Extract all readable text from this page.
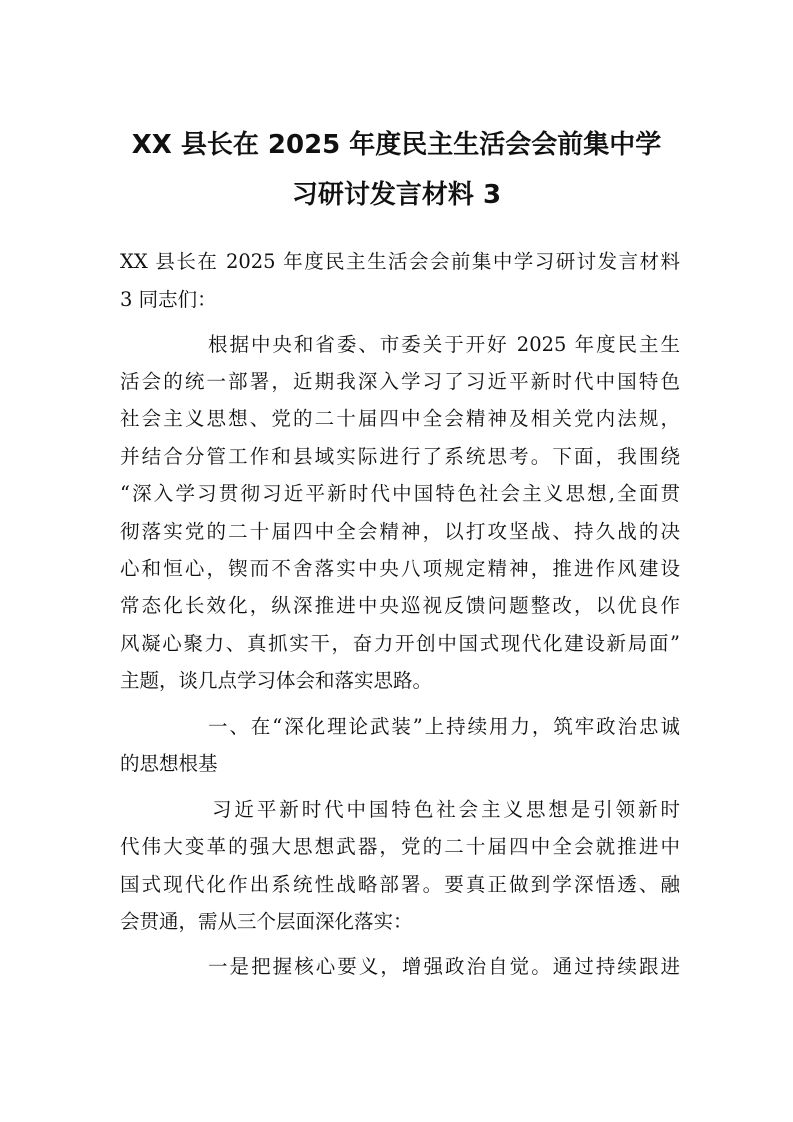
XX 县长在 2025 年度民主生活会会前集中学
习研讨发言材料 3

XX 县长在 2025 年度民主生活会会前集中学习研讨发言材料

3 同志们：

根据中央和省委、市委关于开好 2025 年度民主生

活会的统一部署，近期我深入学习了习近平新时代中国特色

社会主义思想、党的二十届四中全会精神及相关党内法规，

并结合分管工作和县域实际进行了系统思考。下面，我围绕

“深入学习贯彻习近平新时代中国特色社会主义思想,全面贯

彻落实党的二十届四中全会精神，以打攻坚战、持久战的决

心和恒心，锲而不舍落实中央八项规定精神，推进作风建设

常态化长效化，纵深推进中央巡视反馈问题整改，以优良作

风凝心聚力、真抓实干，奋力开创中国式现代化建设新局面”

主题，谈几点学习体会和落实思路。

一、在“深化理论武装”上持续用力，筑牢政治忠诚

的思想根基

习近平新时代中国特色社会主义思想是引领新时

代伟大变革的强大思想武器，党的二十届四中全会就推进中

国式现代化作出系统性战略部署。要真正做到学深悟透、融

会贯通，需从三个层面深化落实：

一是把握核心要义，增强政治自觉。通过持续跟进
